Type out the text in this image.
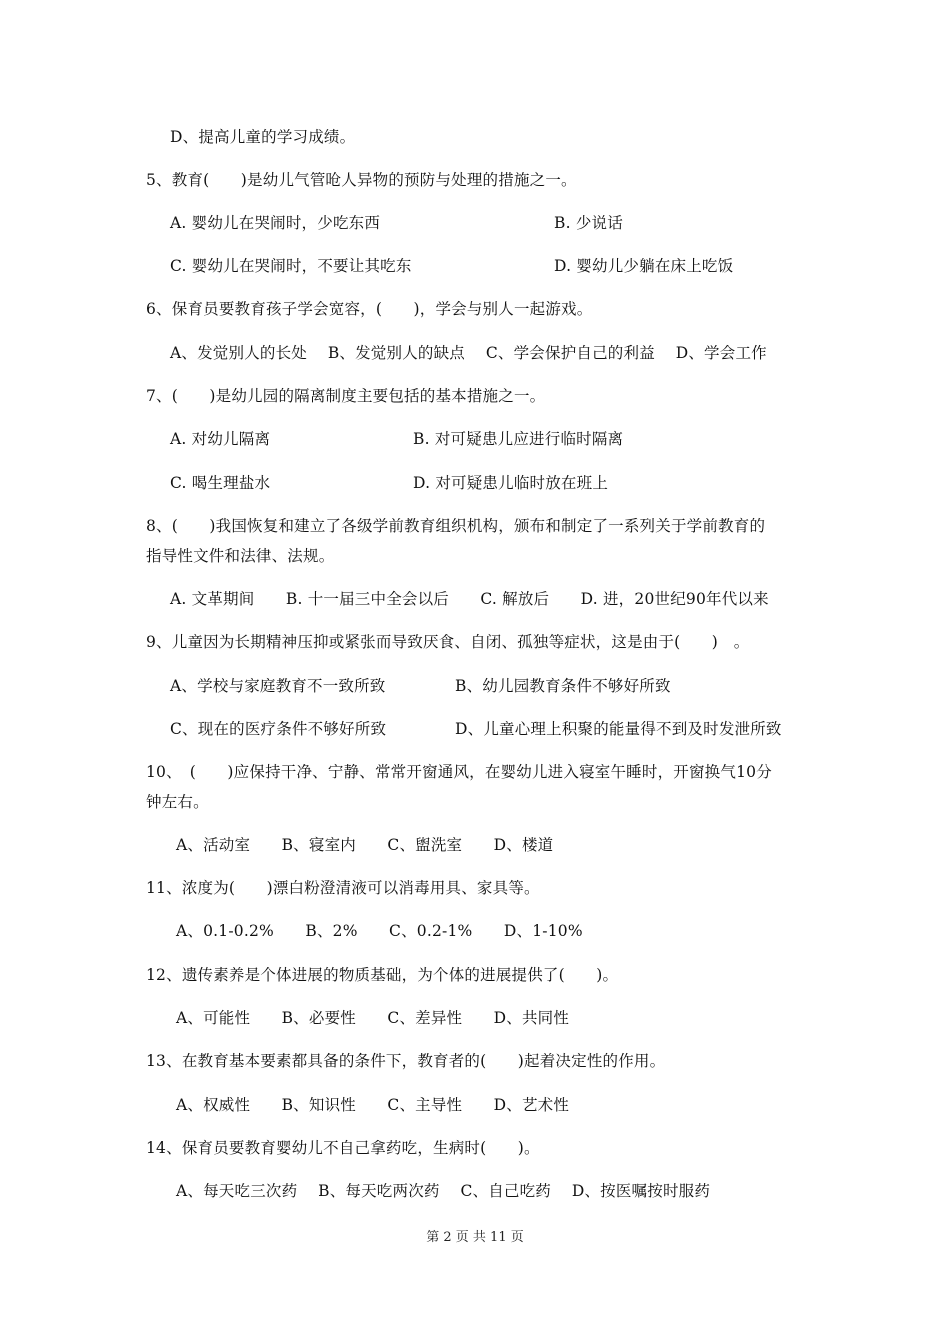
D、提高儿童的学习成绩。
5、教育(　　)是幼儿气管呛人异物的预防与处理的措施之一。
A. 婴幼儿在哭闹时，少吃东西	B. 少说话
C. 婴幼儿在哭闹时，不要让其吃东	D. 婴幼儿少躺在床上吃饭
6、保育员要教育孩子学会宽容，(　　)，学会与别人一起游戏。
A、发觉别人的长处　 B、发觉别人的缺点　 C、学会保护自己的利益　 D、学会工作
7、(　　)是幼儿园的隔离制度主要包括的基本措施之一。
A. 对幼儿隔离	B. 对可疑患儿应进行临时隔离
C. 喝生理盐水	D. 对可疑患儿临时放在班上
8、(　　)我国恢复和建立了各级学前教育组织机构，颁布和制定了一系列关于学前教育的
指导性文件和法律、法规。
A. 文革期间　　B. 十一届三中全会以后　　C. 解放后　　D. 进，20世纪90年代以来
9、儿童因为长期精神压抑或紧张而导致厌食、自闭、孤独等症状，这是由于(　　)　。
A、学校与家庭教育不一致所致	B、幼儿园教育条件不够好所致
C、现在的医疗条件不够好所致	D、儿童心理上积聚的能量得不到及时发泄所致
10、　(　　)应保持干净、宁静、常常开窗通风，在婴幼儿进入寝室午睡时，开窗换气10分
钟左右。
A、活动室　　B、寝室内　　C、盥洗室　　D、楼道
11、浓度为(　　)漂白粉澄清液可以消毒用具、家具等。
A、0.1-0.2%　　B、2%　　C、0.2-1%　　D、1-10%
12、遗传素养是个体进展的物质基础，为个体的进展提供了(　　)。
A、可能性　　B、必要性　　C、差异性　　D、共同性
13、在教育基本要素都具备的条件下，教育者的(　　)起着决定性的作用。
A、权威性　　B、知识性　　C、主导性　　D、艺术性
14、保育员要教育婴幼儿不自己拿药吃，生病时(　　)。
A、每天吃三次药　 B、每天吃两次药　 C、自己吃药　 D、按医嘱按时服药
第 2 页 共 11 页
